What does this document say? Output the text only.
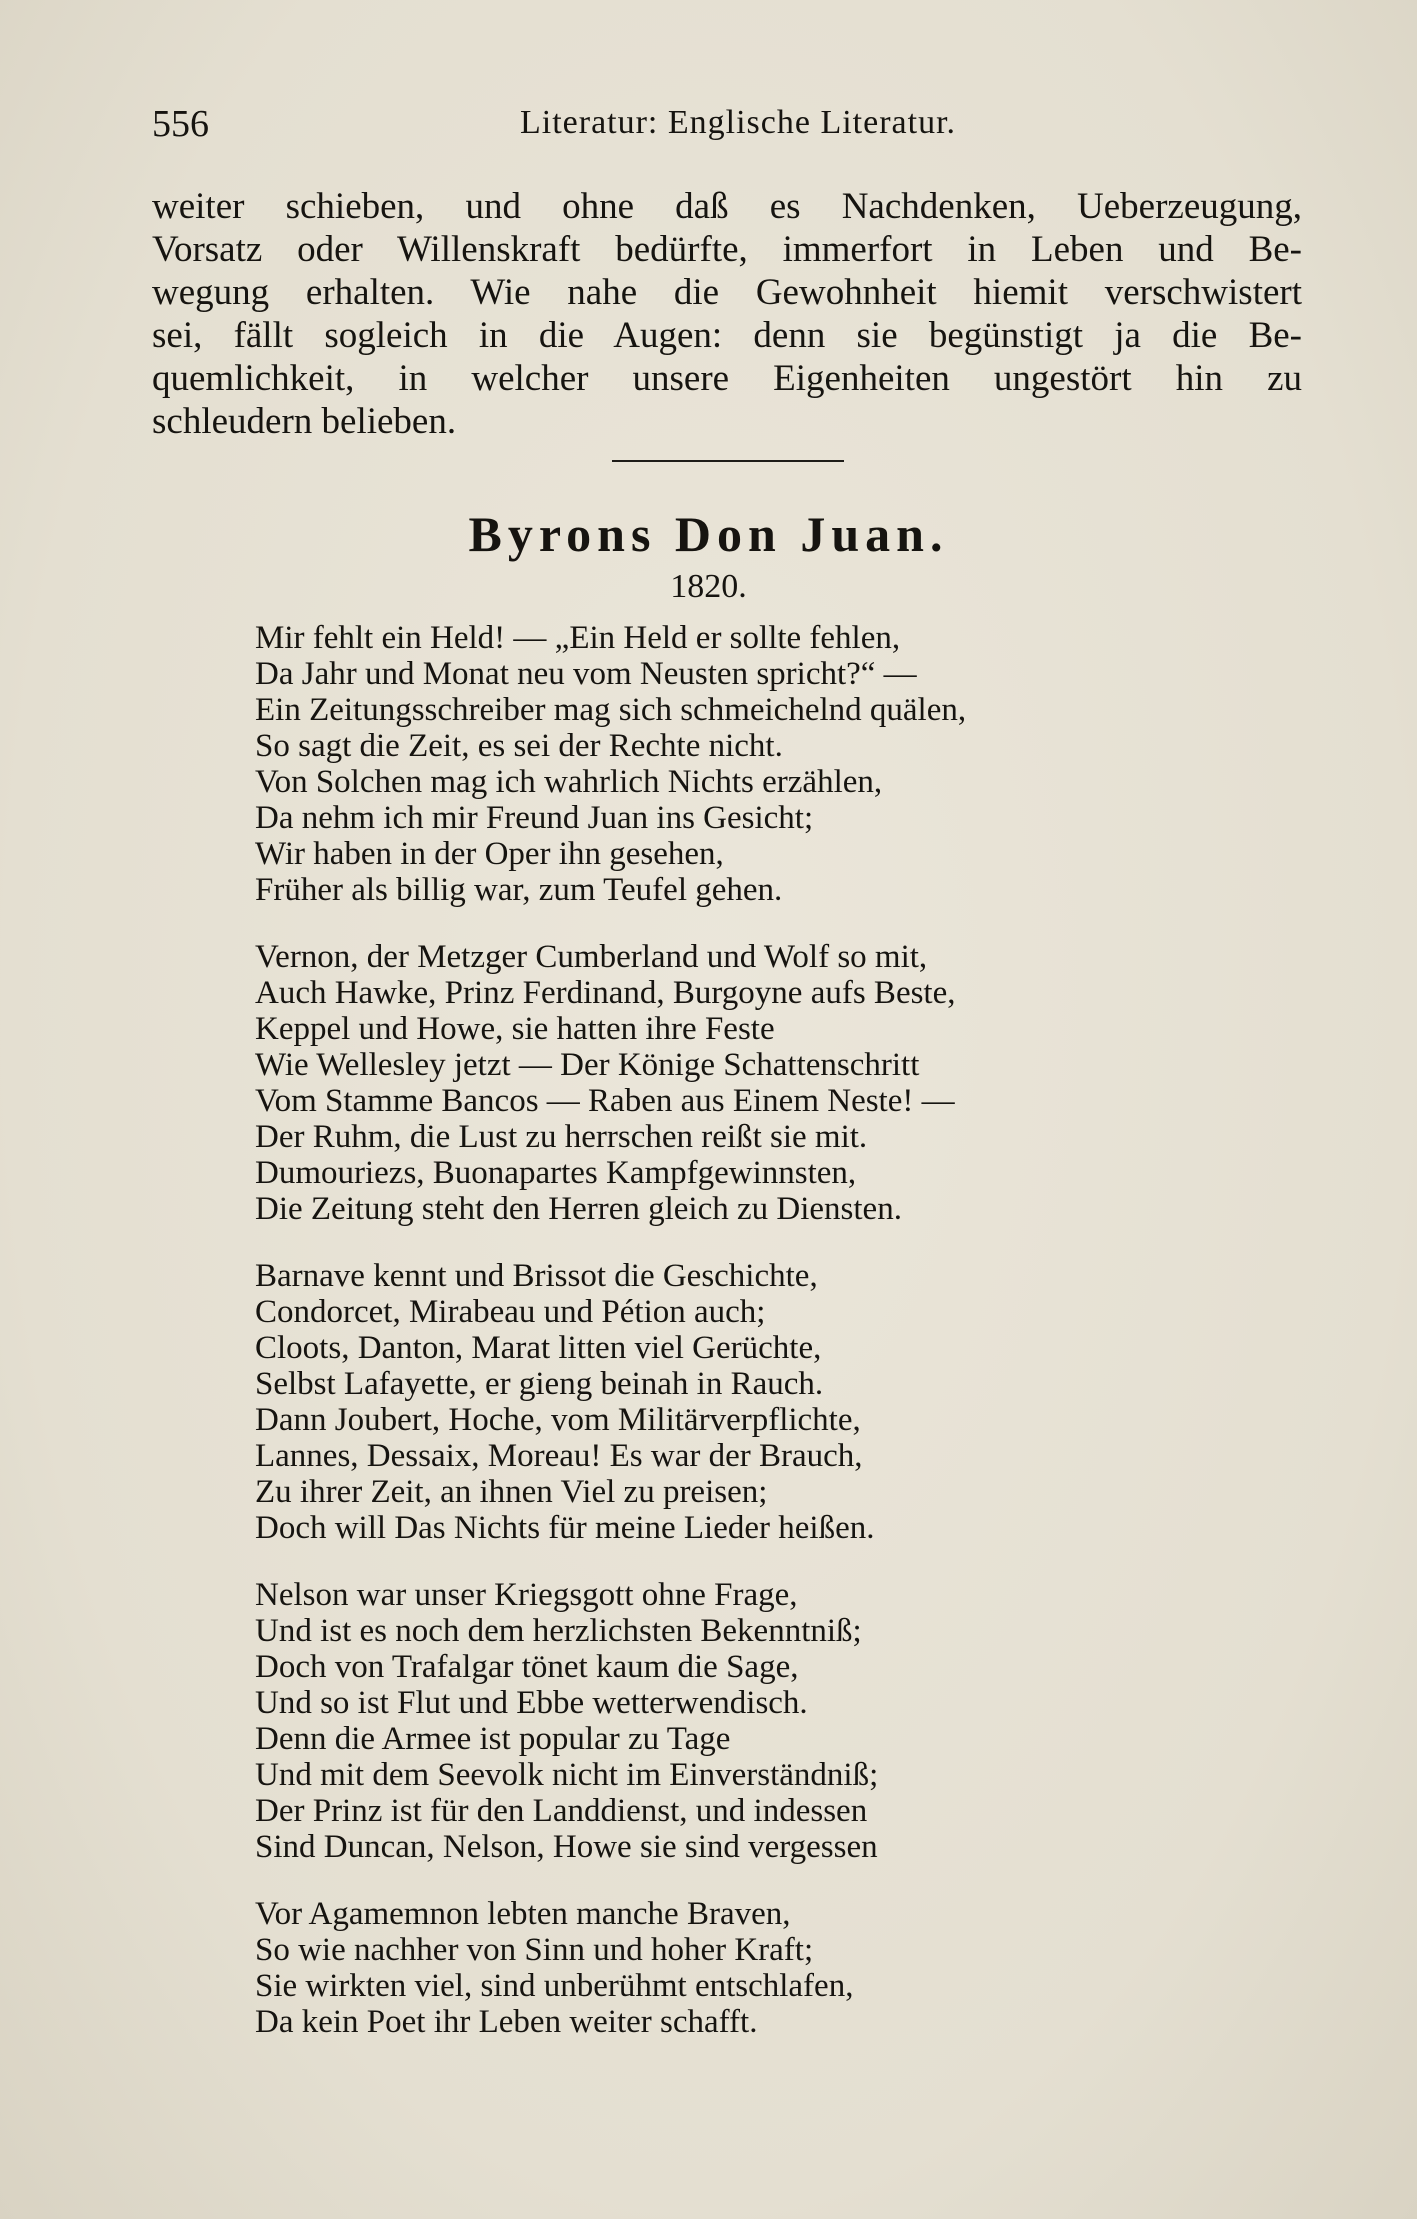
556	Literatur: Englische Literatur.
weiter schieben, und ohne daß es Nachdenken, Ueberzeugung,
Vorsatz oder Willenskraft bedürfte, immerfort in Leben und Be-
wegung erhalten. Wie nahe die Gewohnheit hiemit verschwistert
sei, fällt sogleich in die Augen: denn sie begünstigt ja die Be-
quemlichkeit, in welcher unsere Eigenheiten ungestört hin zu
schleudern belieben.
Byrons Don Juan.
1820.
Mir fehlt ein Held! — „Ein Held er sollte fehlen,
Da Jahr und Monat neu vom Neusten spricht?“ —
Ein Zeitungsschreiber mag sich schmeichelnd quälen,
So sagt die Zeit, es sei der Rechte nicht.
Von Solchen mag ich wahrlich Nichts erzählen,
Da nehm ich mir Freund Juan ins Gesicht;
Wir haben in der Oper ihn gesehen,
Früher als billig war, zum Teufel gehen.
Vernon, der Metzger Cumberland und Wolf so mit,
Auch Hawke, Prinz Ferdinand, Burgoyne aufs Beste,
Keppel und Howe, sie hatten ihre Feste
Wie Wellesley jetzt — Der Könige Schattenschritt
Vom Stamme Bancos — Raben aus Einem Neste! —
Der Ruhm, die Lust zu herrschen reißt sie mit.
Dumouriezs, Buonapartes Kampfgewinnsten,
Die Zeitung steht den Herren gleich zu Diensten.
Barnave kennt und Brissot die Geschichte,
Condorcet, Mirabeau und Pétion auch;
Cloots, Danton, Marat litten viel Gerüchte,
Selbst Lafayette, er gieng beinah in Rauch.
Dann Joubert, Hoche, vom Militärverpflichte,
Lannes, Dessaix, Moreau! Es war der Brauch,
Zu ihrer Zeit, an ihnen Viel zu preisen;
Doch will Das Nichts für meine Lieder heißen.
Nelson war unser Kriegsgott ohne Frage,
Und ist es noch dem herzlichsten Bekenntniß;
Doch von Trafalgar tönet kaum die Sage,
Und so ist Flut und Ebbe wetterwendisch.
Denn die Armee ist popular zu Tage
Und mit dem Seevolk nicht im Einverständniß;
Der Prinz ist für den Landdienst, und indessen
Sind Duncan, Nelson, Howe sie sind vergessen
Vor Agamemnon lebten manche Braven,
So wie nachher von Sinn und hoher Kraft;
Sie wirkten viel, sind unberühmt entschlafen,
Da kein Poet ihr Leben weiter schafft.
